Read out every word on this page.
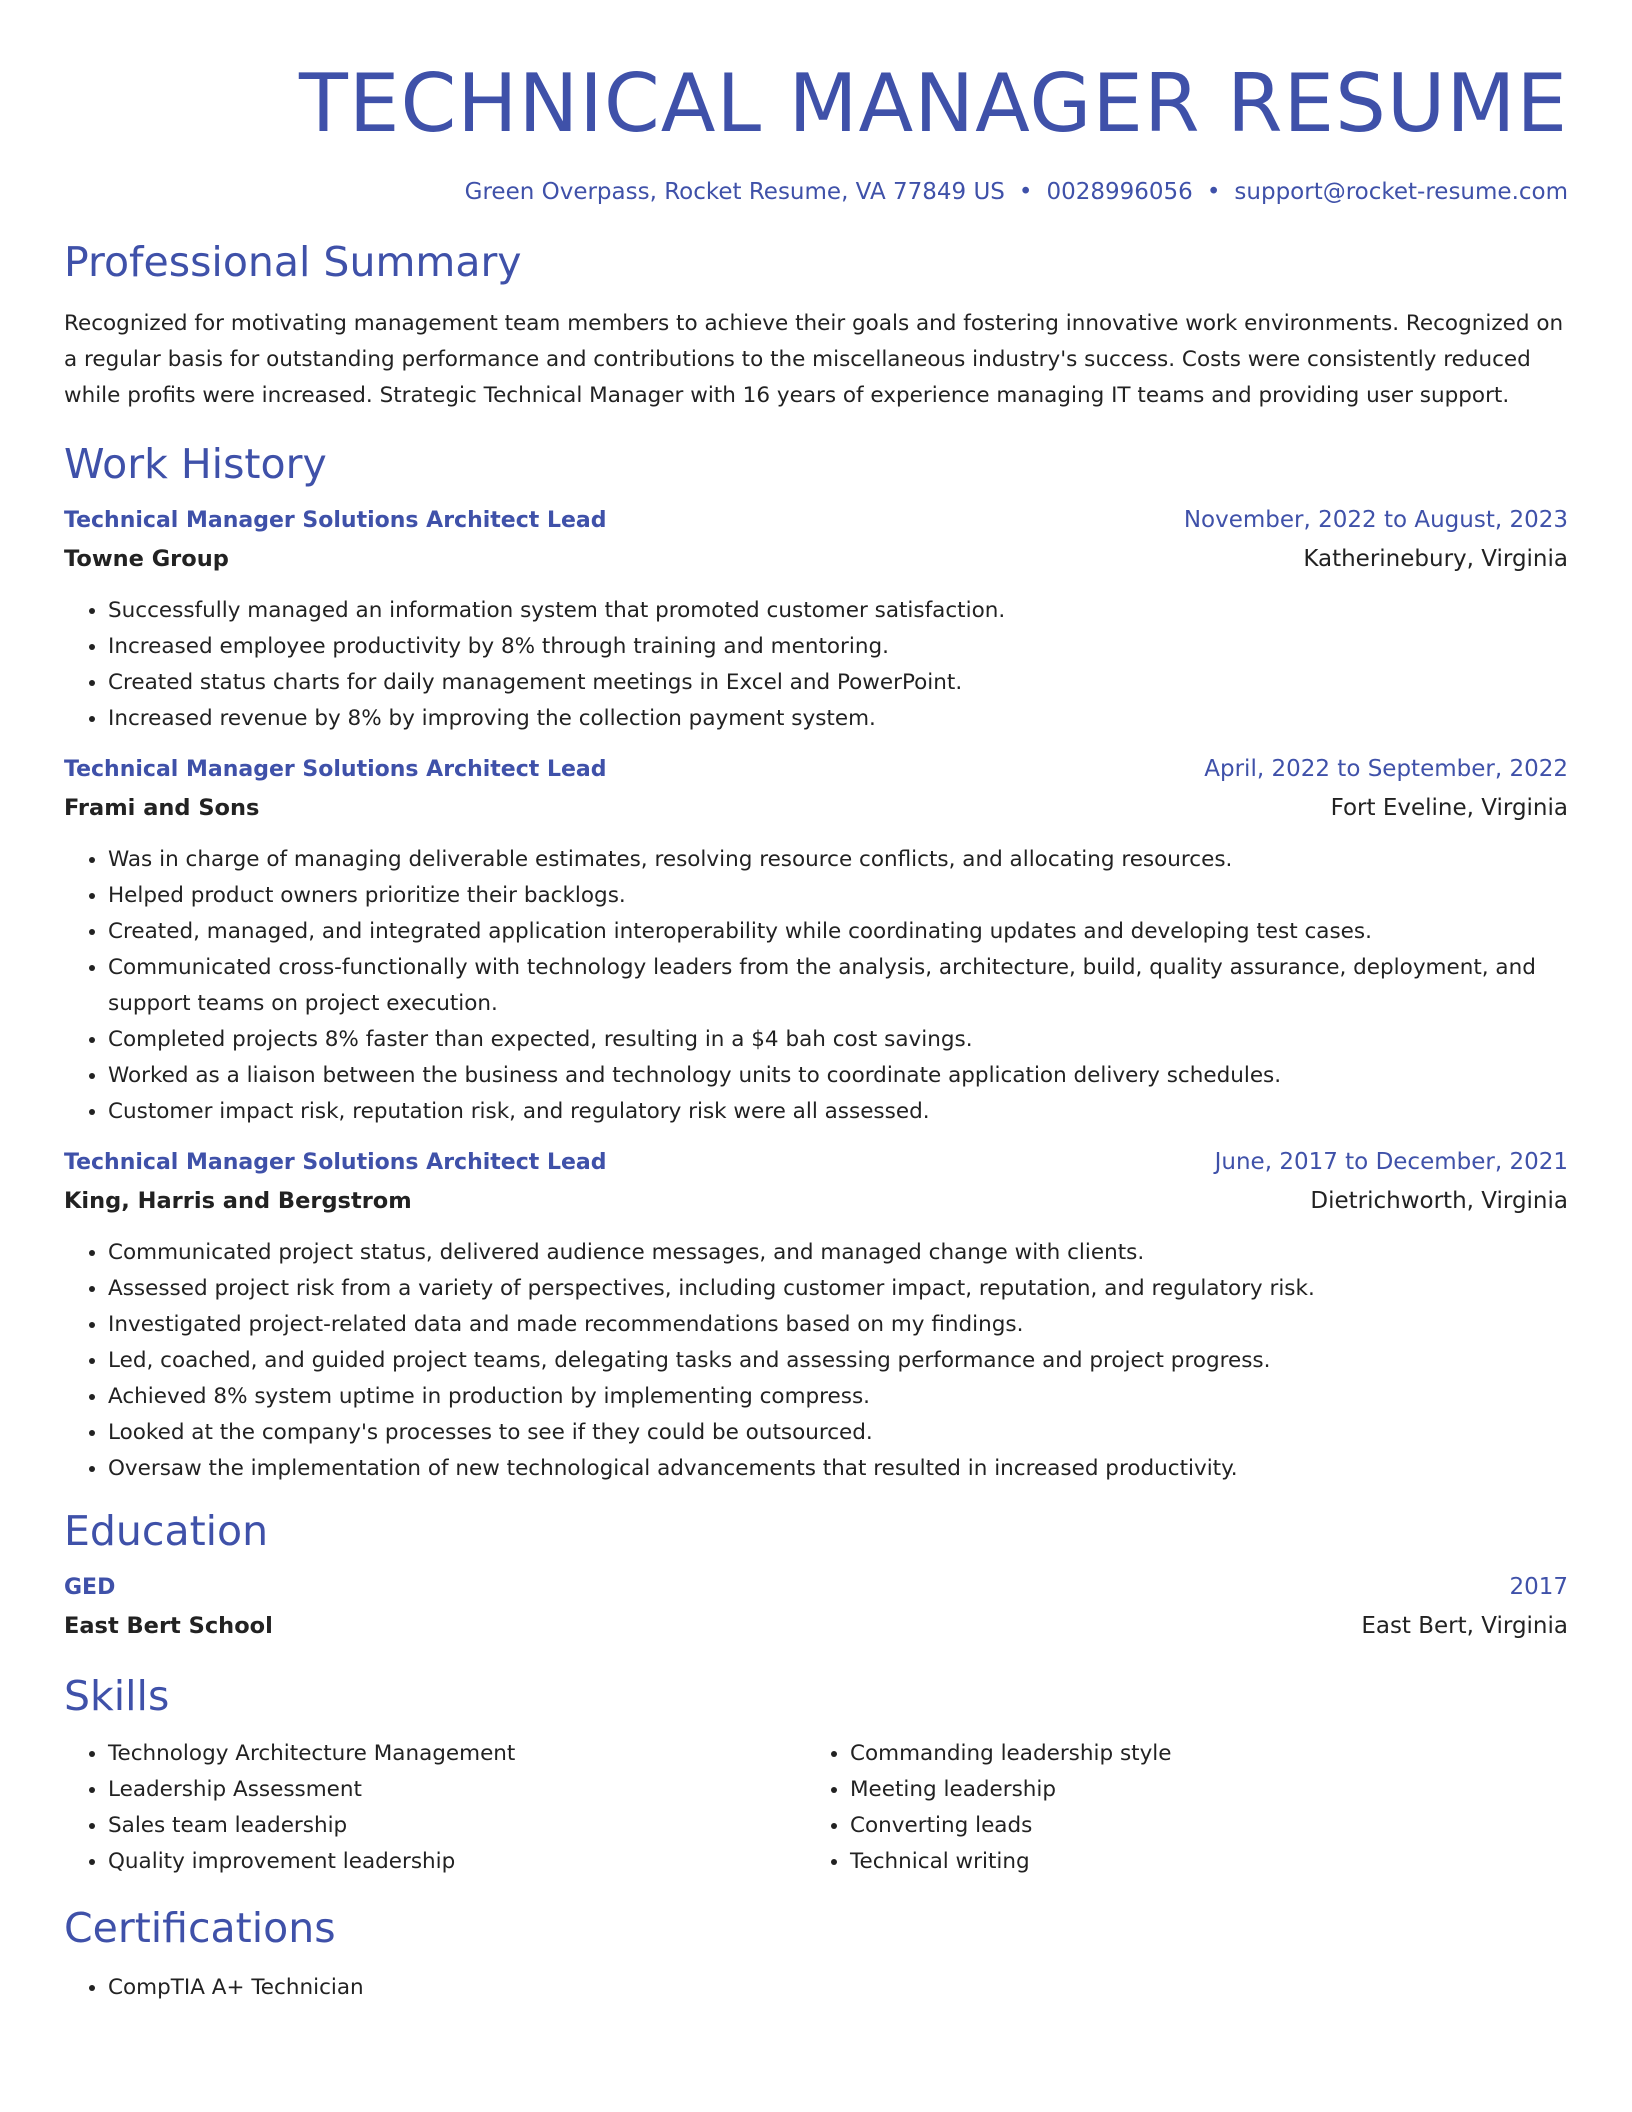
TECHNICAL MANAGER RESUME
Green Overpass, Rocket Resume, VA 77849 US • 0028996056 • support@rocket-resume.com
Professional Summary

Recognized for motivating management team members to achieve their goals and fostering innovative work environments. Recognized on a regular basis for outstanding performance and contributions to the miscellaneous industry's success. Costs were consistently reduced while profits were increased. Strategic Technical Manager with 16 years of experience managing IT teams and providing user support.

Work History
Technical Manager Solutions Architect Lead	November, 2022 to August, 2023
Towne Group	Katherinebury, Virginia
• Successfully managed an information system that promoted customer satisfaction.
• Increased employee productivity by 8% through training and mentoring.
• Created status charts for daily management meetings in Excel and PowerPoint.
• Increased revenue by 8% by improving the collection payment system.
Technical Manager Solutions Architect Lead	April, 2022 to September, 2022
Frami and Sons	Fort Eveline, Virginia
• Was in charge of managing deliverable estimates, resolving resource conflicts, and allocating resources.
• Helped product owners prioritize their backlogs.
• Created, managed, and integrated application interoperability while coordinating updates and developing test cases.
• Communicated cross-functionally with technology leaders from the analysis, architecture, build, quality assurance, deployment, and support teams on project execution.
• Completed projects 8% faster than expected, resulting in a $4 bah cost savings.
• Worked as a liaison between the business and technology units to coordinate application delivery schedules.
• Customer impact risk, reputation risk, and regulatory risk were all assessed.
Technical Manager Solutions Architect Lead	June, 2017 to December, 2021
King, Harris and Bergstrom	Dietrichworth, Virginia
• Communicated project status, delivered audience messages, and managed change with clients.
• Assessed project risk from a variety of perspectives, including customer impact, reputation, and regulatory risk.
• Investigated project-related data and made recommendations based on my findings.
• Led, coached, and guided project teams, delegating tasks and assessing performance and project progress.
• Achieved 8% system uptime in production by implementing compress.
• Looked at the company's processes to see if they could be outsourced.
• Oversaw the implementation of new technological advancements that resulted in increased productivity.
Education
GED	2017
East Bert School	East Bert, Virginia
Skills
• Technology Architecture Management
• Leadership Assessment
• Sales team leadership
• Quality improvement leadership
• Commanding leadership style
• Meeting leadership
• Converting leads
• Technical writing
Certifications
• CompTIA A+ Technician
